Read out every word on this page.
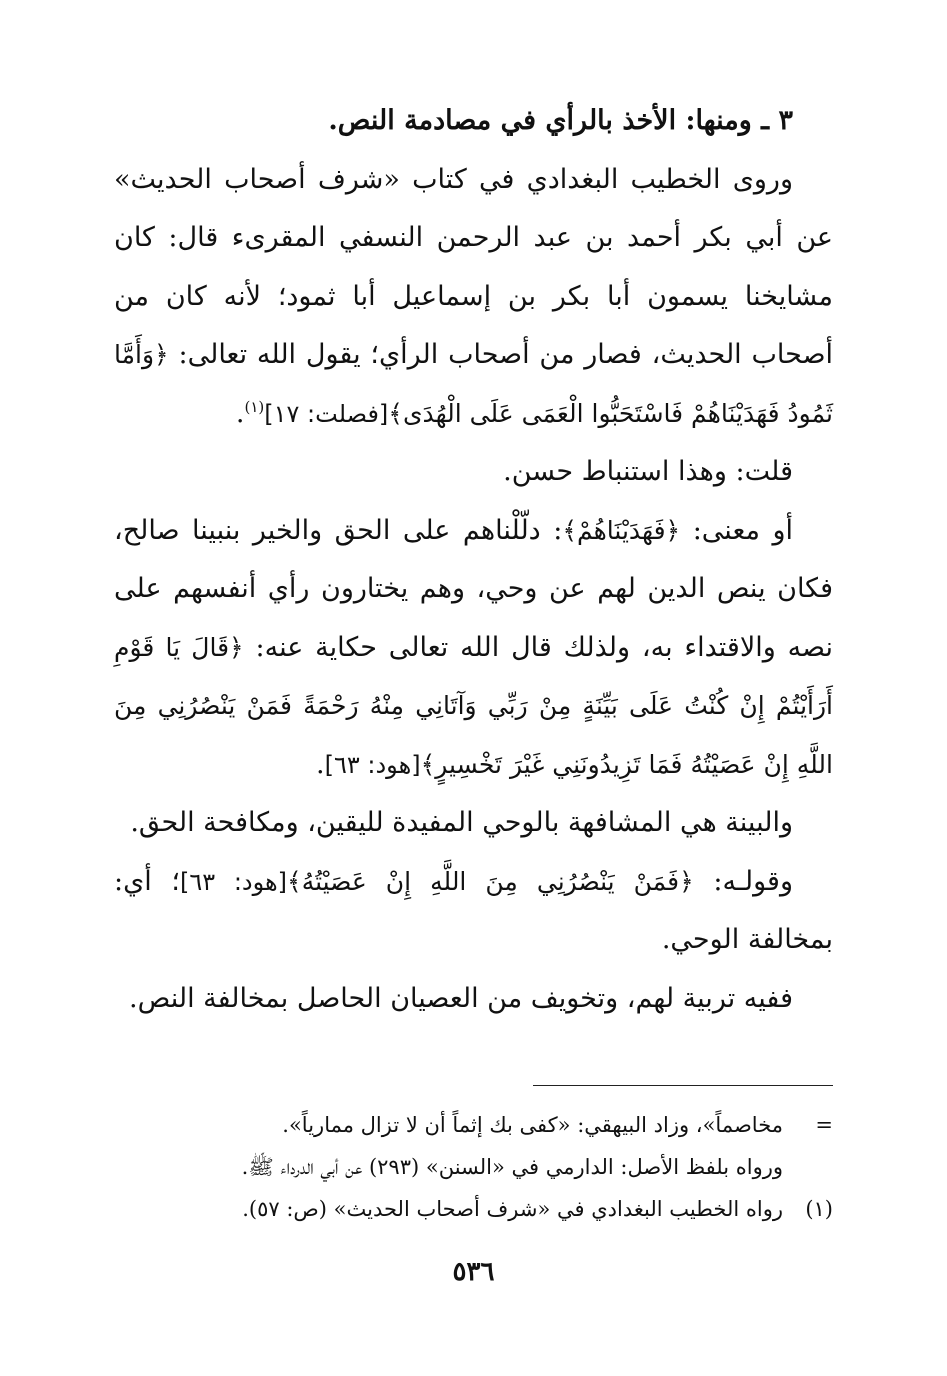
٣ ـ ومنها: الأخذ بالرأي في مصادمة النص.

وروى الخطيب البغدادي في كتاب «شرف أصحاب الحديث» عن أبي بكر أحمد بن عبد الرحمن النسفي المقرىء قال: كان مشايخنا يسمون أبا بكر بن إسماعيل أبا ثمود؛ لأنه كان من أصحاب الحديث، فصار من أصحاب الرأي؛ يقول الله تعالى: ﴿وَأَمَّا ثَمُودُ فَهَدَيْنَاهُمْ فَاسْتَحَبُّوا الْعَمَى عَلَى الْهُدَى﴾[فصلت: ١٧]$^{(١)}$.

قلت: وهذا استنباط حسن.

أو معنى: ﴿فَهَدَيْنَاهُمْ﴾: دلّلْناهم على الحق والخير بنبينا صالح، فكان ينص الدين لهم عن وحي، وهم يختارون رأي أنفسهم على نصه والاقتداء به، ولذلك قال الله تعالى حكاية عنه: ﴿قَالَ يَا قَوْمِ أَرَأَيْتُمْ إِنْ كُنْتُ عَلَى بَيِّنَةٍ مِنْ رَبِّي وَآتَانِي مِنْهُ رَحْمَةً فَمَنْ يَنْصُرُنِي مِنَ اللَّهِ إِنْ عَصَيْتُهُ فَمَا تَزِيدُونَنِي غَيْرَ تَخْسِيرٍ﴾[هود: ٦٣].

والبينة هي المشافهة بالوحي المفيدة لليقين، ومكافحة الحق.

وقولـه: ﴿فَمَنْ يَنْصُرُنِي مِنَ اللَّهِ إِنْ عَصَيْتُهُ﴾[هود: ٦٣]؛ أي: بمخالفة الوحي.

ففيه تربية لهم، وتخويف من العصيان الحاصل بمخالفة النص.

=
مخاصماً»، وزاد البيهقي: «كفى بك إثماً أن لا تزال ممارياً».

ورواه بلفظ الأصل: الدارمي في «السنن» (٢٩٣) عن أبي الدرداء ﷺ.

(١)
رواه الخطيب البغدادي في «شرف أصحاب الحديث» (ص: ٥٧).

٥٣٦
